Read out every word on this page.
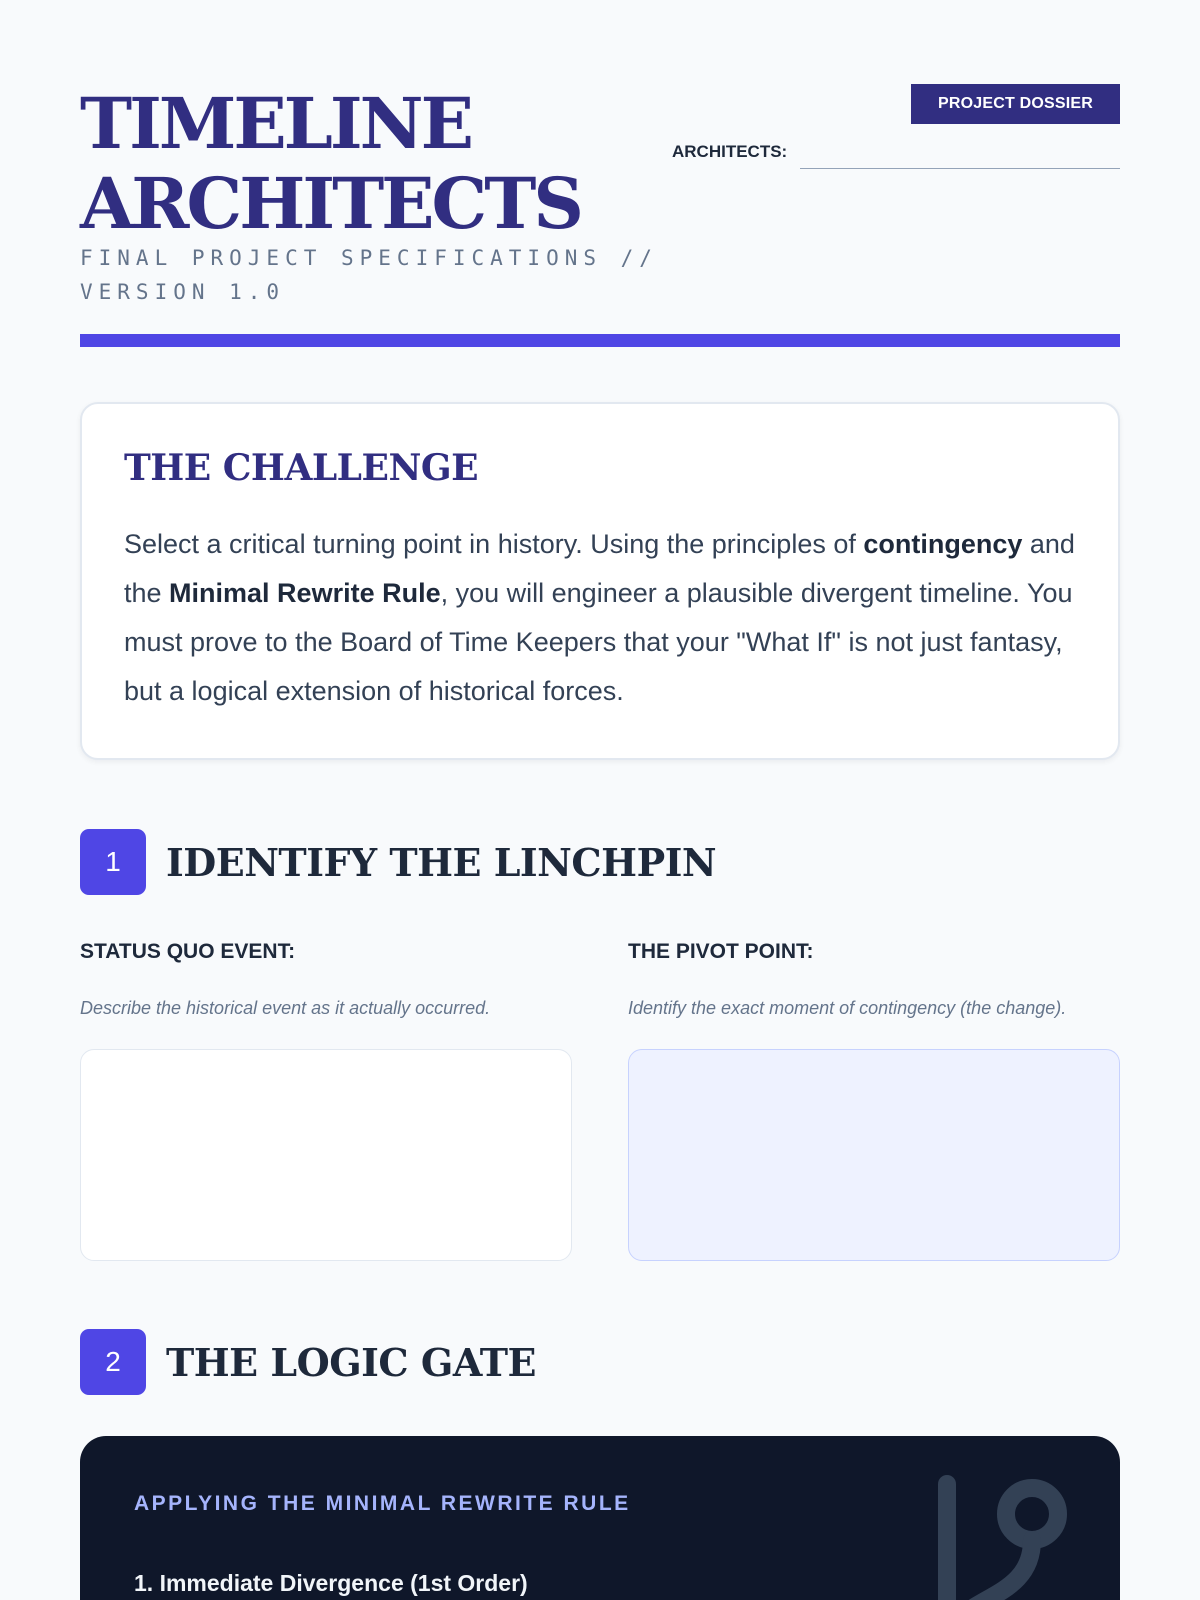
TIMELINE
ARCHITECTS
FINAL PROJECT SPECIFICATIONS // VERSION 1.0
PROJECT DOSSIER
ARCHITECTS:
THE CHALLENGE

Select a critical turning point in history. Using the principles of contingency and the Minimal Rewrite Rule, you will engineer a plausible divergent timeline. You must prove to the Board of Time Keepers that your "What If" is not just fantasy, but a logical extension of historical forces.

1	IDENTIFY THE LINCHPIN
STATUS QUO EVENT:
Describe the historical event as it actually occurred.
THE PIVOT POINT:
Identify the exact moment of contingency (the change).
2	THE LOGIC GATE
APPLYING THE MINIMAL REWRITE RULE
1. Immediate Divergence (1st Order)
